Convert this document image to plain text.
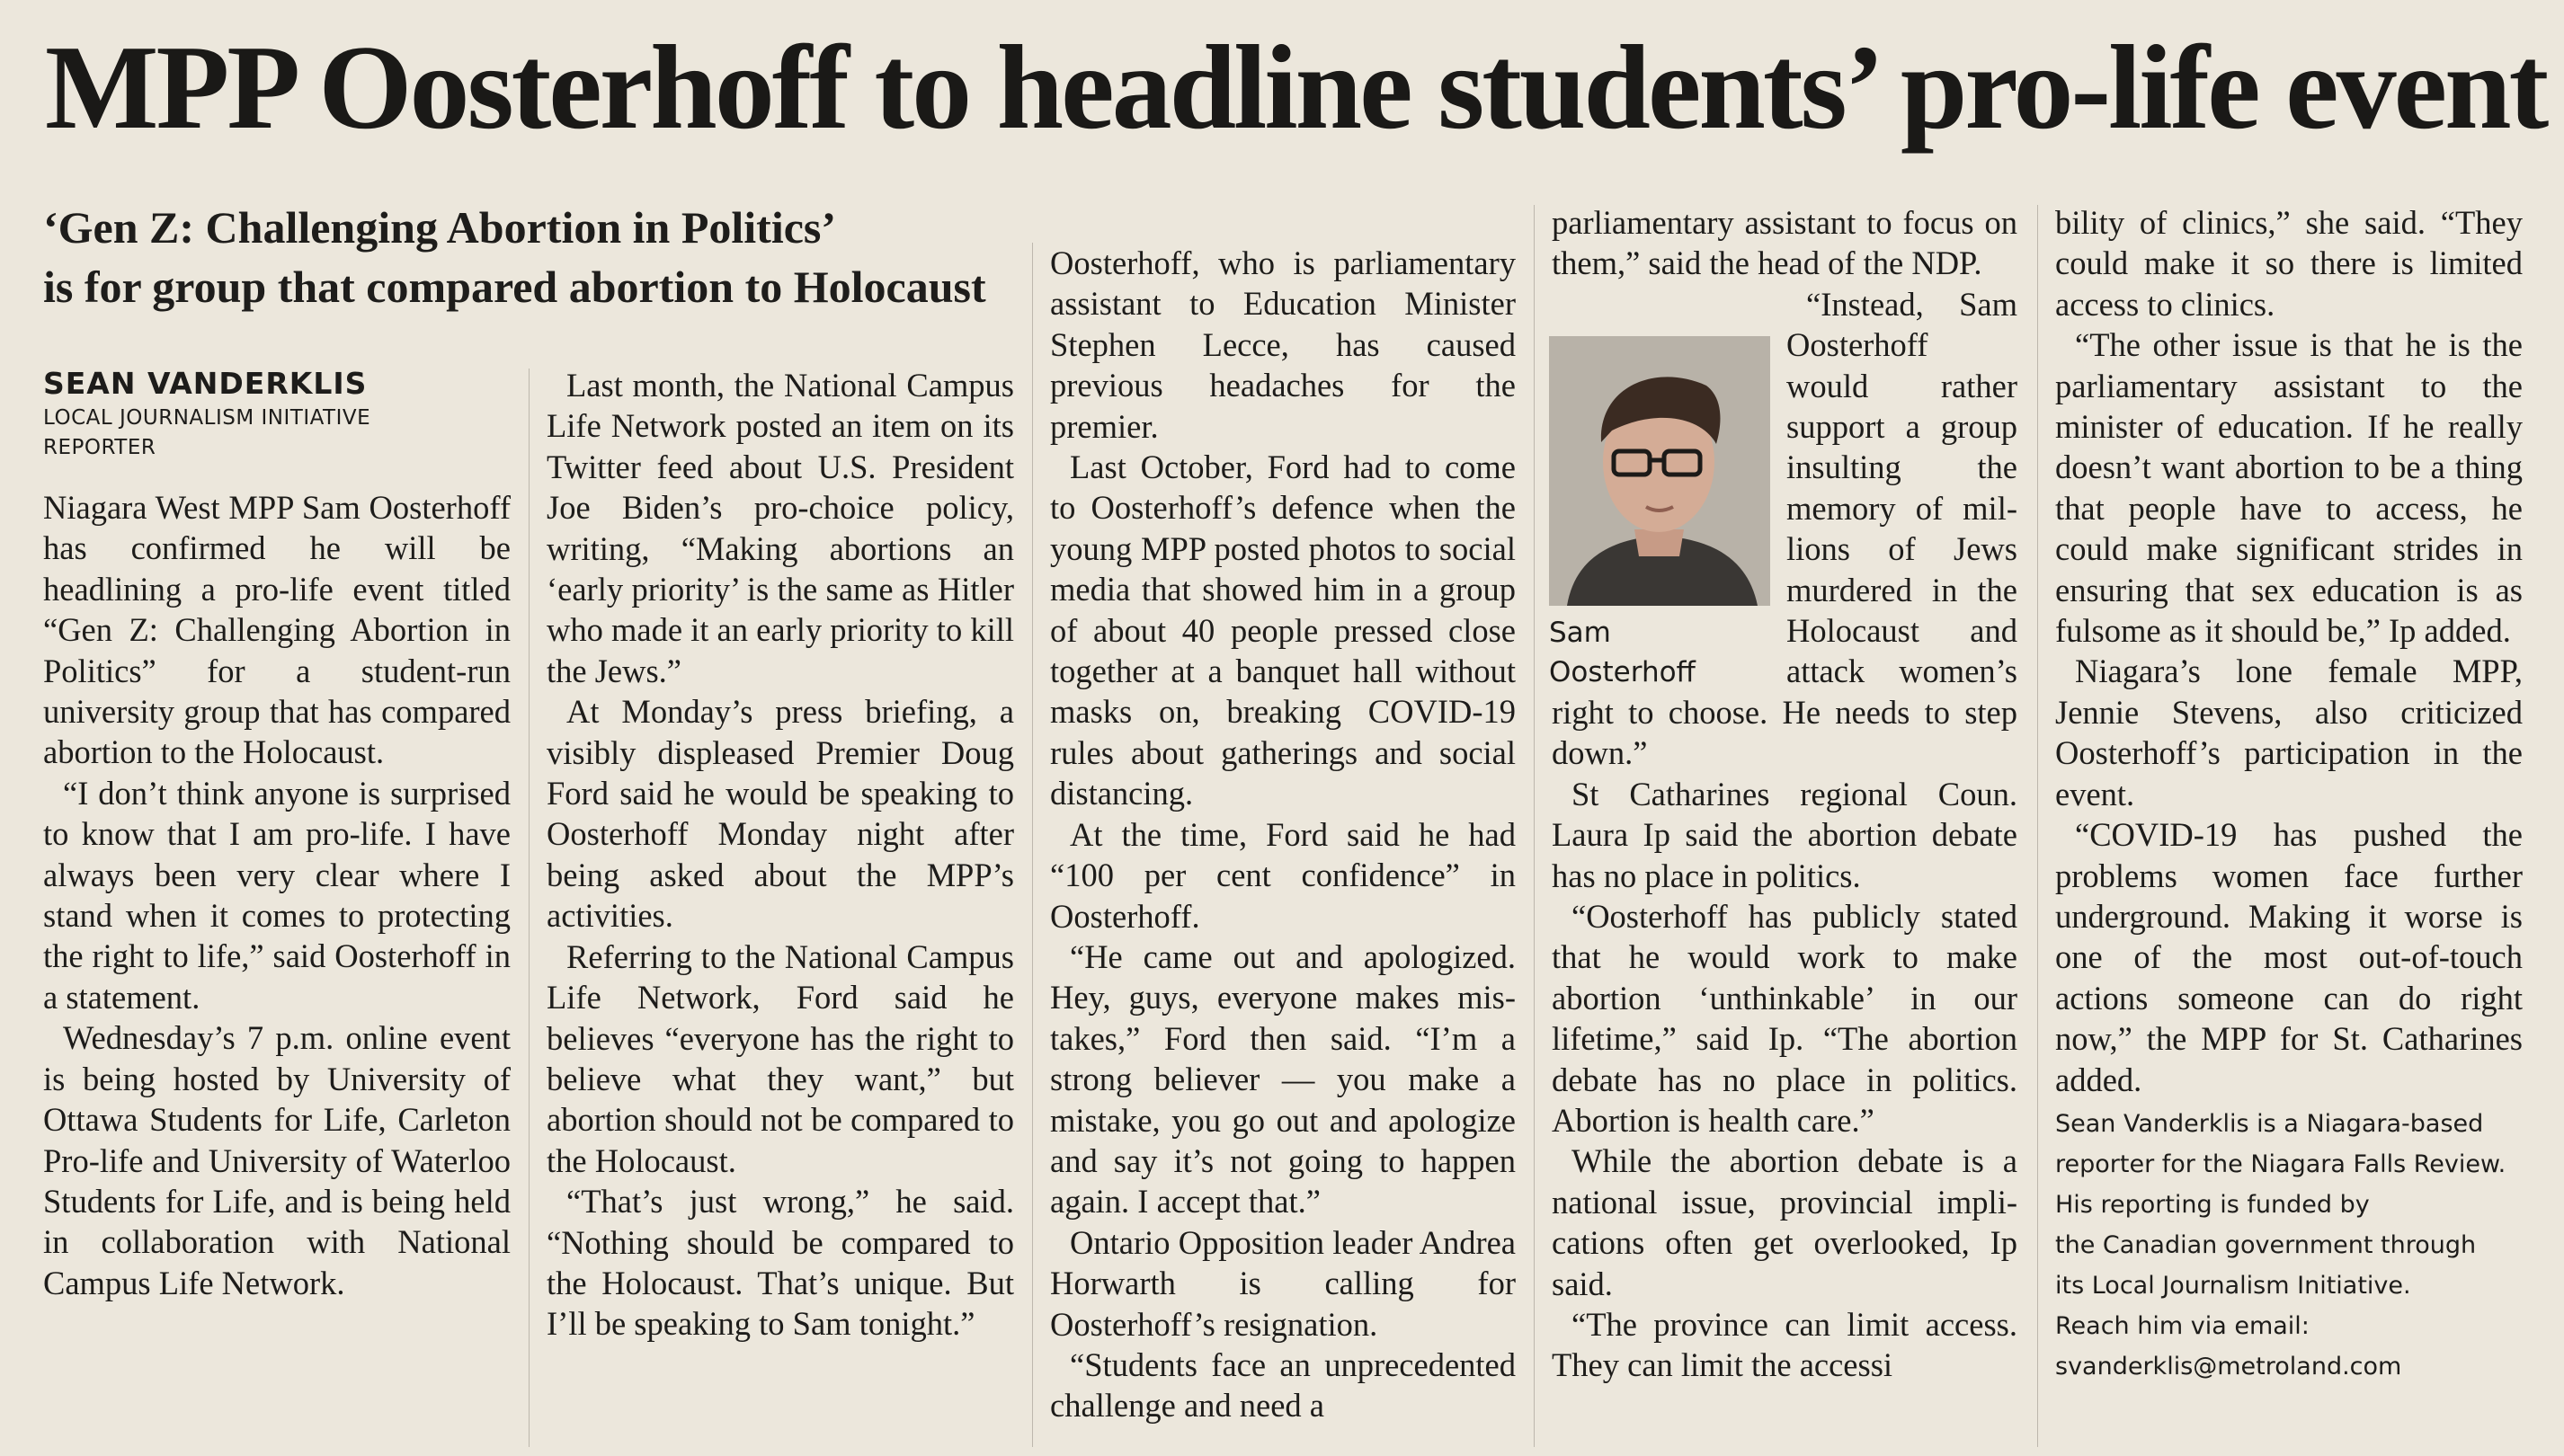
MPP Oosterhoff to headline students’ pro-life event
‘Gen Z: Challenging Abortion in Politics’
is for group that compared abortion to Holocaust
SEAN VANDERKLIS
LOCAL JOURNALISM INITIATIVE
REPORTER

Niagara West MPP Sam Oosterhoff has confirmed he will be headlining a pro-life event titled “Gen Z: Challenging Abortion in Politics” for a student-run university group that has compared abortion to the Holocaust.

“I don’t think anyone is surprised to know that I am pro-life. I have always been very clear where I stand when it comes to protecting the right to life,” said Oosterhoff in a statement.

Wednesday’s 7 p.m. online event is being hosted by University of Ottawa Students for Life, Carleton Pro-life and University of Waterloo Students for Life, and is being held in collaboration with National Campus Life Network.

Last month, the National Campus Life Network posted an item on its Twitter feed about U.S. President Joe Biden’s pro-choice policy, writing, “Making abortions an ‘early priority’ is the same as Hitler who made it an early priority to kill the Jews.”

At Monday’s press briefing, a visibly displeased Premier Doug Ford said he would be speaking to Oosterhoff Monday night after being asked about the MPP’s activities.

Referring to the National Campus Life Network, Ford said he believes “everyone has the right to believe what they want,” but abortion should not be compared to the Holocaust.

“That’s just wrong,” he said. “Nothing should be compared to the Holocaust. That’s unique. But I’ll be speaking to Sam tonight.”

Oosterhoff, who is parliamentary assistant to Education Minister Stephen Lecce, has caused previous headaches for the premier.

Last October, Ford had to come to Oosterhoff’s defence when the young MPP posted photos to social media that showed him in a group of about 40 people pressed close together at a banquet hall without masks on, breaking COVID-19 rules about gatherings and social distancing.

At the time, Ford said he had “100 per cent confidence” in Oosterhoff.

“He came out and apologized. Hey, guys, everyone makes mistakes,” Ford then said. “I’m a strong believer — you make a mistake, you go out and apologize and say it’s not going to happen again. I accept that.”

Ontario Opposition leader Andrea Horwarth is calling for Oosterhoff’s resignation.

“Students face an unprecedented challenge and need a

parliamentary assistant to focus on them,” said the head of the NDP.

Sam
Oosterhoff

“Instead, Sam Oosterhoff would rather support a group insulting the memory of millions of Jews murdered in the Holocaust and attack women’s right to choose. He needs to step down.”

St Catharines regional Coun. Laura Ip said the abortion debate has no place in politics.

“Oosterhoff has publicly stated that he would work to make abortion ‘unthinkable’ in our lifetime,” said Ip. “The abortion debate has no place in politics. Abortion is health care.”

While the abortion debate is a national issue, provincial implications often get overlooked, Ip said.

“The province can limit access. They can limit the accessi

bility of clinics,” she said. “They could make it so there is limited access to clinics.

“The other issue is that he is the parliamentary assistant to the minister of education. If he really doesn’t want abortion to be a thing that people have to access, he could make significant strides in ensuring that sex education is as fulsome as it should be,” Ip added.

Niagara’s lone female MPP, Jennie Stevens, also criticized Oosterhoff’s participation in the event.

“COVID-19 has pushed the problems women face further underground. Making it worse is one of the most out-of-touch actions someone can do right now,” the MPP for St. Catharines added.

Sean Vanderklis is a Niagara-based
reporter for the Niagara Falls Review.
His reporting is funded by
the Canadian government through
its Local Journalism Initiative.
Reach him via email:
svanderklis@metroland.com
